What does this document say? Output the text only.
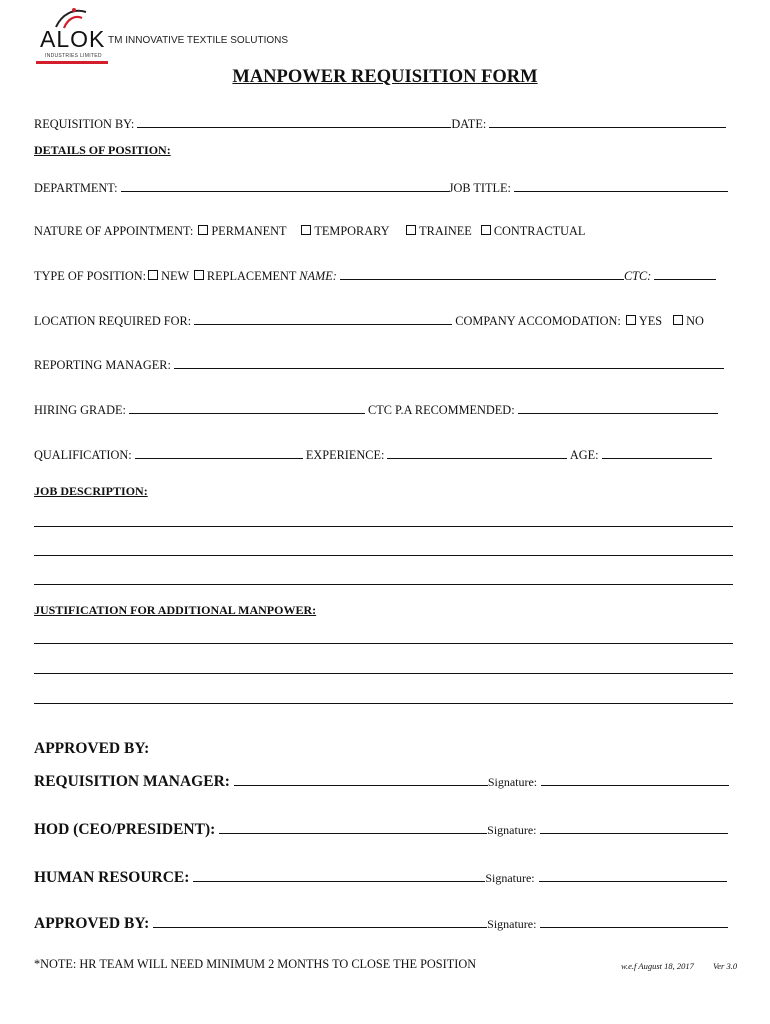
ALOK
INDUSTRIES LIMITED
TM INNOVATIVE TEXTILE SOLUTIONS
MANPOWER REQUISITION FORM
REQUISITION BY:	DATE:
DETAILS OF POSITION:
DEPARTMENT:	JOB TITLE:
NATURE OF APPOINTMENT: PERMANENT TEMPORARY TRAINEE CONTRACTUAL
TYPE OF POSITION: NEW REPLACEMENT NAME:	CTC:
LOCATION REQUIRED FOR:	COMPANY ACCOMODATION: YES NO
REPORTING MANAGER:
HIRING GRADE:	CTC P.A RECOMMENDED:
QUALIFICATION:	EXPERIENCE:	AGE:
JOB DESCRIPTION:
JUSTIFICATION FOR ADDITIONAL MANPOWER:
APPROVED BY:
REQUISITION MANAGER:	Signature:
HOD (CEO/PRESIDENT):	Signature:
HUMAN RESOURCE:	Signature:
APPROVED BY:	Signature:
*NOTE: HR TEAM WILL NEED MINIMUM 2 MONTHS TO CLOSE THE POSITION	w.e.f August 18, 2017 Ver 3.0
